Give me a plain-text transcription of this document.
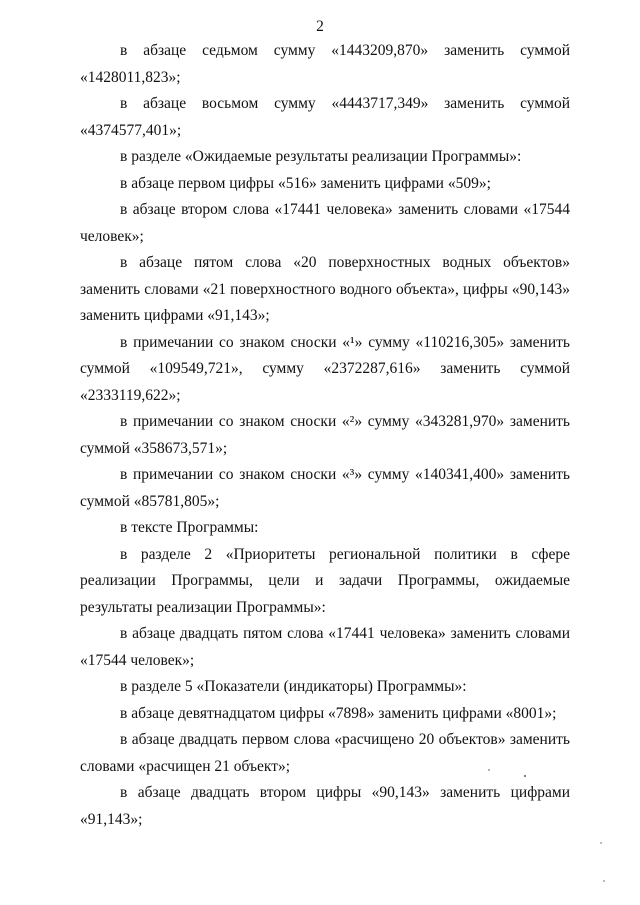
2

в абзаце седьмом сумму «1443209,870» заменить суммой «1428011,823»;

в абзаце восьмом сумму «4443717,349» заменить суммой «4374577,401»;

в разделе «Ожидаемые результаты реализации Программы»:

в абзаце первом цифры «516» заменить цифрами «509»;

в абзаце втором слова «17441 человека» заменить словами «17544 человек»;

в абзаце пятом слова «20 поверхностных водных объектов» заменить словами «21 поверхностного водного объекта», цифры «90,143» заменить цифрами «91,143»;

в примечании со знаком сноски «¹» сумму «110216,305» заменить суммой «109549,721», сумму «2372287,616» заменить суммой «2333119,622»;

в примечании со знаком сноски «²» сумму «343281,970» заменить суммой «358673,571»;

в примечании со знаком сноски «³» сумму «140341,400» заменить суммой «85781,805»;

в тексте Программы:

в разделе 2 «Приоритеты региональной политики в сфере реализации Программы, цели и задачи Программы, ожидаемые результаты реализации Программы»:

в абзаце двадцать пятом слова «17441 человека» заменить словами «17544 человек»;

в разделе 5 «Показатели (индикаторы) Программы»:

в абзаце девятнадцатом цифры «7898» заменить цифрами «8001»;

в абзаце двадцать первом слова «расчищено 20 объектов» заменить словами «расчищен 21 объект»;

в абзаце двадцать втором цифры «90,143» заменить цифрами «91,143»;
